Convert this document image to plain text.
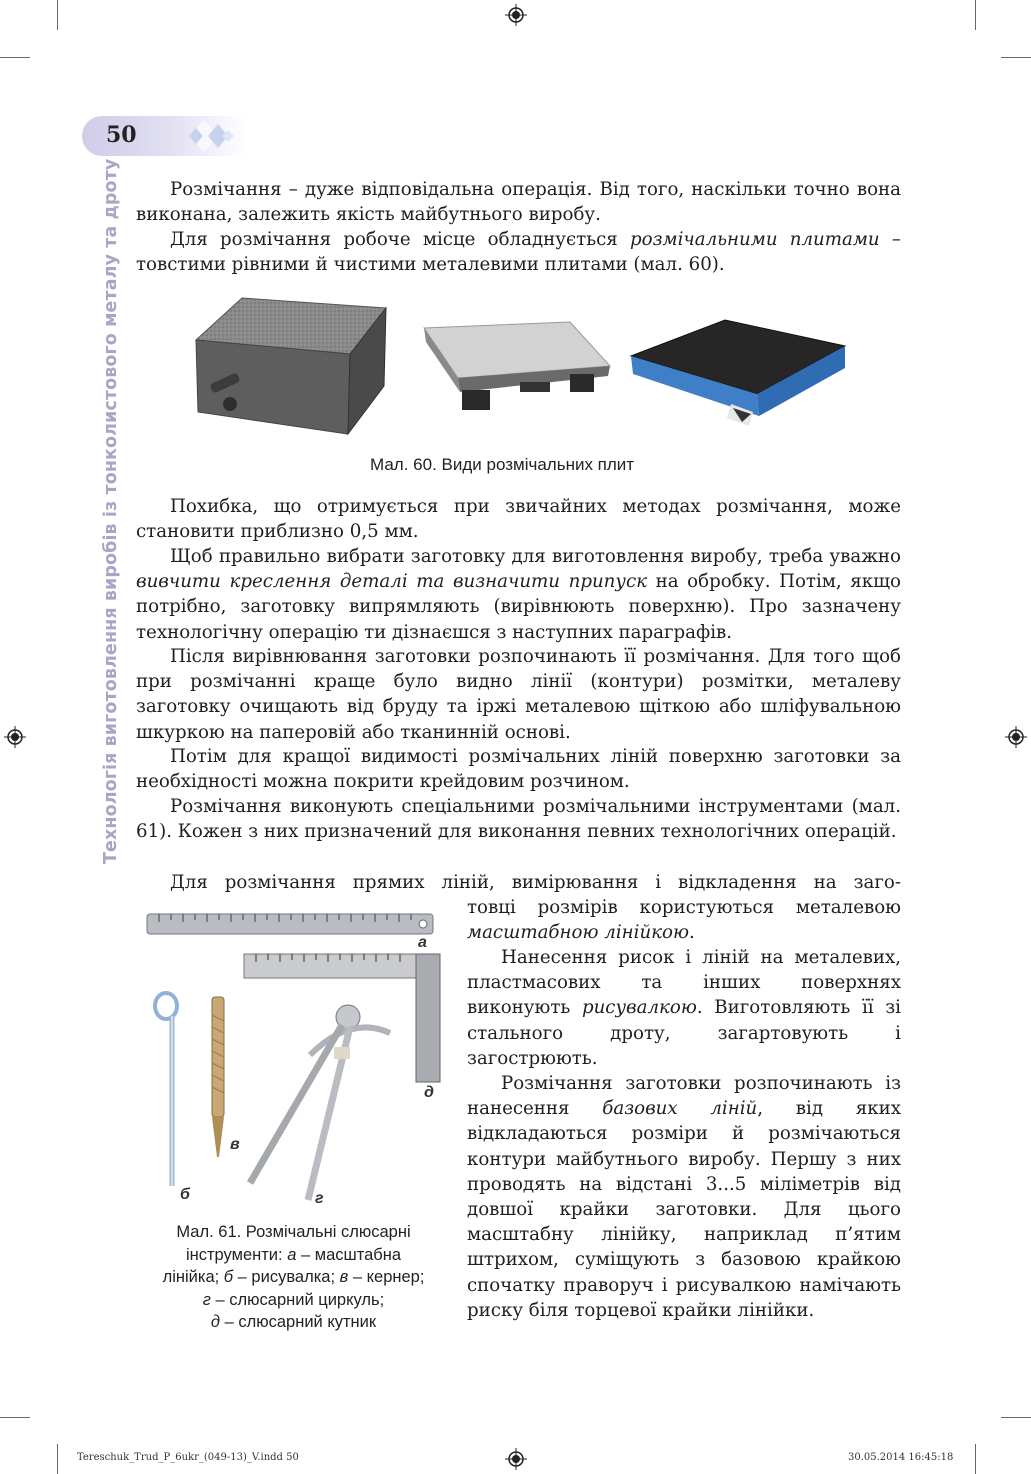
50
Технологія виготовлення виробів із тонколистового металу та дроту	Розмічання – дуже відповідальна операція. Від того, наскільки точно вона виконана, залежить якість майбутнього виробу.

Для розмічання робоче місце обладнується розмічальними плитами – товстими рівними й чистими металевими плитами (мал. 60).

Мал. 60. Види розмічальних плит

Похибка, що отримується при звичайних методах розмічання, може становити приблизно 0,5 мм.

Щоб правильно вибрати заготовку для виготовлення виробу, треба уважно вивчити креслення деталі та визначити припуск на обробку. Потім, якщо потрібно, заготовку випрямляють (вирівнюють поверхню). Про зазначену технологічну операцію ти дізнаєшся з наступних параграфів.

Після вирівнювання заготовки розпочинають її розмічання. Для того щоб при розмічанні краще було видно лінії (контури) розмітки, металеву заготовку очищають від бруду та іржі металевою щіткою або шліфувальною шкуркою на паперовій або тканинній основі.

Потім для кращої видимості розмічальних ліній поверхню заготовки за необхідності можна покрити крейдовим розчином.

Розмічання виконують спеціальними розмічальними інструментами (мал. 61). Кожен з них призначений для виконання певних технологічних операцій.

Для розмічання прямих ліній, вимірювання і відкладення на заго-

товці розмірів користуються металевою масштабною лінійкою.

Нанесення рисок і ліній на металевих, пластмасових та інших поверхнях виконують рисувалкою. Виготовляють її зі стального дроту, загартовують і загострюють.

Розмічання заготовки розпочинають із нанесення базових ліній, від яких відкладаються розміри й розмічаються контури майбутнього виробу. Першу з них проводять на відстані 3...5 міліметрів від довшої крайки заготовки. Для цього масштабну лінійку, наприклад п’ятим штрихом, суміщують з базовою крайкою спочатку праворуч і рисувалкою намічають риску біля торцевої крайки лінійки.

а
д
б
в
г
Мал. 61. Розмічальні слюсарні
інструменти: а – масштабна
лінійка; б – рисувалка; в – кернер;
г – слюсарний циркуль;
д – слюсарний кутник
Tereschuk_Trud_P_6ukr_(049-13)_V.indd 50	30.05.2014 16:45:18
